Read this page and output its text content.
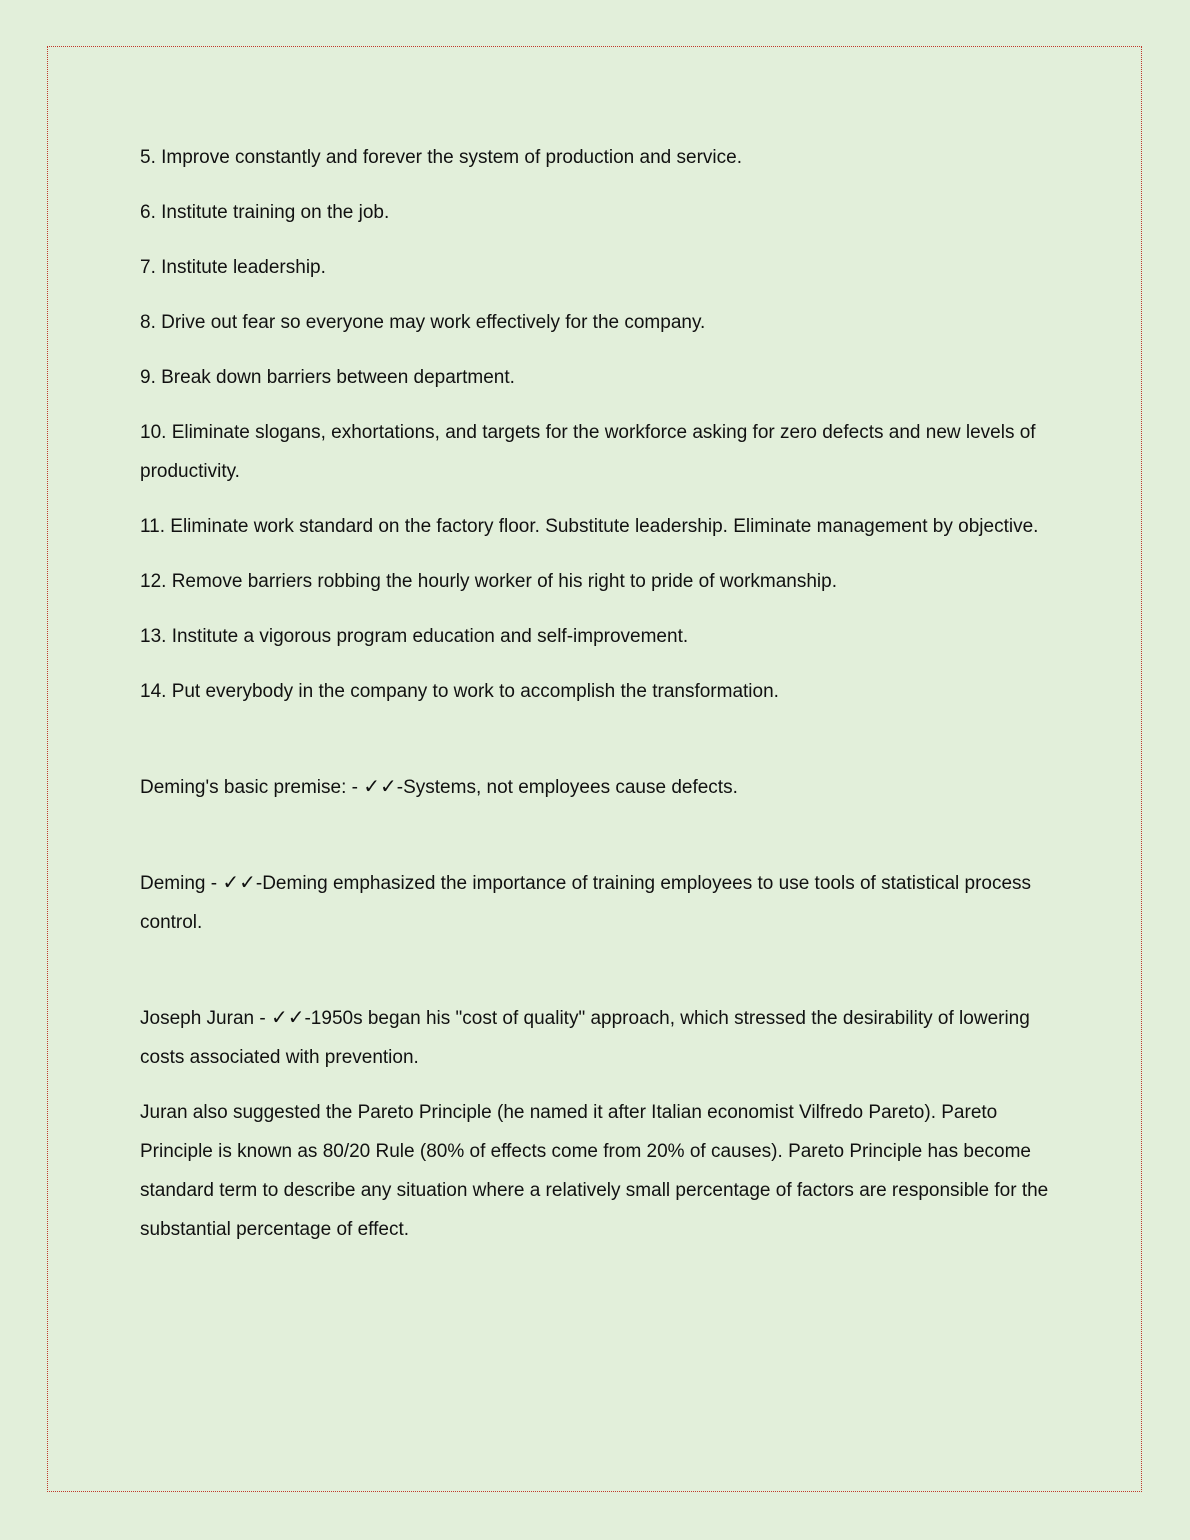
5. Improve constantly and forever the system of production and service.

6. Institute training on the job.

7. Institute leadership.

8. Drive out fear so everyone may work effectively for the company.

9. Break down barriers between department.

10. Eliminate slogans, exhortations, and targets for the workforce asking for zero defects and new levels of productivity.

11. Eliminate work standard on the factory floor. Substitute leadership. Eliminate management by objective.

12. Remove barriers robbing the hourly worker of his right to pride of workmanship.

13. Institute a vigorous program education and self-improvement.

14. Put everybody in the company to work to accomplish the transformation.

Deming's basic premise: - ✓✓-Systems, not employees cause defects.

Deming - ✓✓-Deming emphasized the importance of training employees to use tools of statistical process control.

Joseph Juran - ✓✓-1950s began his "cost of quality" approach, which stressed the desirability of lowering costs associated with prevention.

Juran also suggested the Pareto Principle (he named it after Italian economist Vilfredo Pareto). Pareto Principle is known as 80/20 Rule (80% of effects come from 20% of causes). Pareto Principle has become standard term to describe any situation where a relatively small percentage of factors are responsible for the substantial percentage of effect.
